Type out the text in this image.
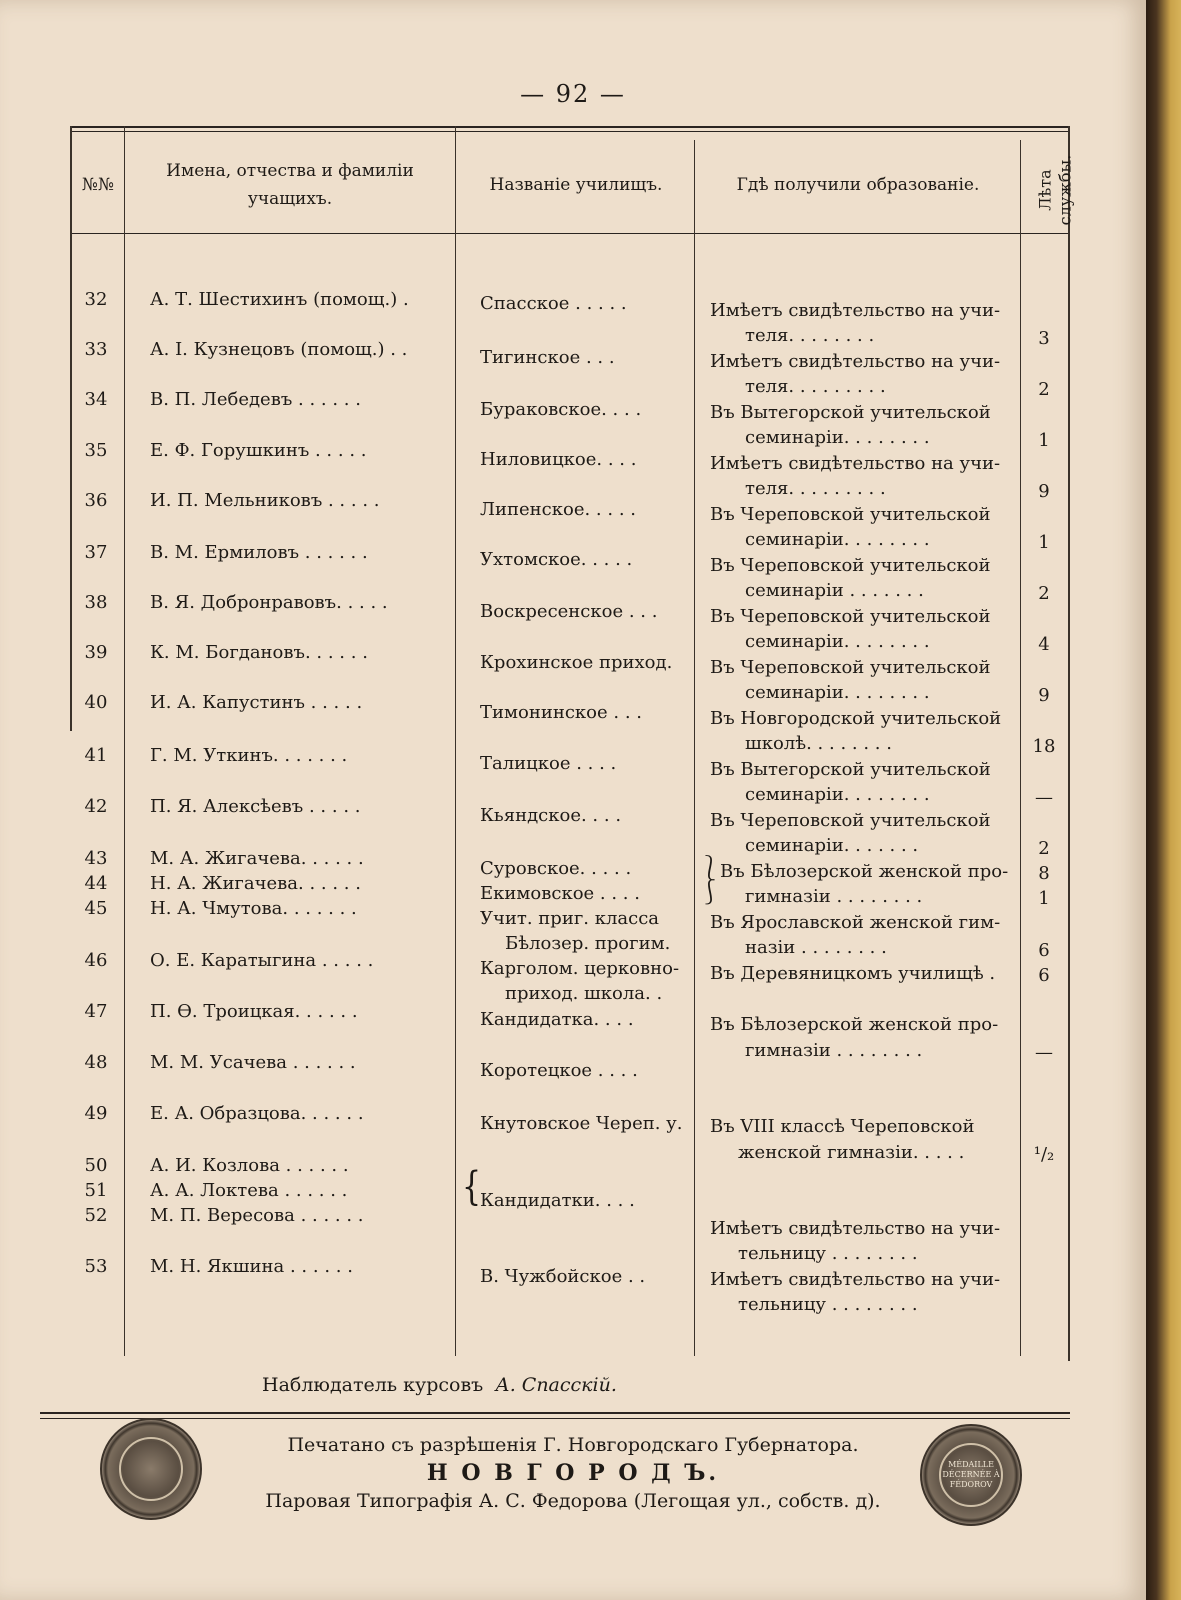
— 92 —
№№
Имена, отчества и фамиліи учащихъ.
Названіе училищъ.	Гдѣ получили образованіе.	Лѣта
службы.
32
33
34
35
36
37
38
39
40
41
42
43
44
45
46
47
48
49
50
51
52
53
А. Т. Шестихинъ (помощ.) .
А. І. Кузнецовъ (помощ.) . .
В. П. Лебедевъ . . . . . .
Е. Ф. Горушкинъ . . . . .
И. П. Мельниковъ . . . . .
В. М. Ермиловъ . . . . . .
В. Я. Добронравовъ. . . . .
К. М. Богдановъ. . . . . .
И. А. Капустинъ . . . . .
Г. М. Уткинъ. . . . . . .
П. Я. Алексѣевъ . . . . .
М. А. Жигачева. . . . . .
Н. А. Жигачева. . . . . .
Н. А. Чмутова. . . . . . .
О. Е. Каратыгина . . . . .
П. Ѳ. Троицкая. . . . . .
М. М. Усачева . . . . . .
Е. А. Образцова. . . . . .
А. И. Козлова . . . . . .
А. А. Локтева . . . . . .
М. П. Вересова . . . . . .
М. Н. Якшина . . . . . .
Спасское . . . . .
Тигинское . . .
Бураковское. . . .
Ниловицкое. . . .
Липенское. . . . .
Ухтомское. . . . .
Воскресенское . . .
Крохинское приход.
Тимонинское . . .
Талицкое . . . .
Кьяндское. . . .
Суровское. . . . .
Екимовское . . . .
Учит. приг. класса
Бѣлозер. прогим.
Карголом. церковно-
приход. школа. .
Кандидатка. . . .
Коротецкое . . . .
Кнутовское Череп. у.
Кандидатки. . . .
В. Чужбойское . .
{
⎱
⎰
Имѣетъ свидѣтельство на учи-
теля. . . . . . . .
Имѣетъ свидѣтельство на учи-
теля. . . . . . . . .
Въ Вытегорской учительской
семинаріи. . . . . . . .
Имѣетъ свидѣтельство на учи-
теля. . . . . . . . .
Въ Череповской учительской
семинаріи. . . . . . . .
Въ Череповской учительской
семинаріи . . . . . . .
Въ Череповской учительской
семинаріи. . . . . . . .
Въ Череповской учительской
семинаріи. . . . . . . .
Въ Новгородской учительской
школѣ. . . . . . . .
Въ Вытегорской учительской
семинаріи. . . . . . . .
Въ Череповской учительской
семинаріи. . . . . . .
Въ Бѣлозерской женской про-
гимназіи . . . . . . . .
Въ Ярославской женской гим-
назіи . . . . . . . .
Въ Деревяницкомъ училищѣ .
Въ Бѣлозерской женской про-
гимназіи . . . . . . . .
Въ VIII классѣ Череповской
женской гимназіи. . . . .
Имѣетъ свидѣтельство на учи-
тельницу . . . . . . . .
Имѣетъ свидѣтельство на учи-
тельницу . . . . . . . .
3
2
1
9
1
2
4
9
18
—
2
8
1
6
6
—
¹/₂
Наблюдатель курсовъ А. Спасскій.
MÉDAILLE DÉCERNÉE À FÉDOROV
Печатано съ разрѣшенія Г. Новгородскаго Губернатора.
Н О В Г О Р О Д Ъ.
Паровая Типографія А. С. Федорова (Легощая ул., собств. д).
